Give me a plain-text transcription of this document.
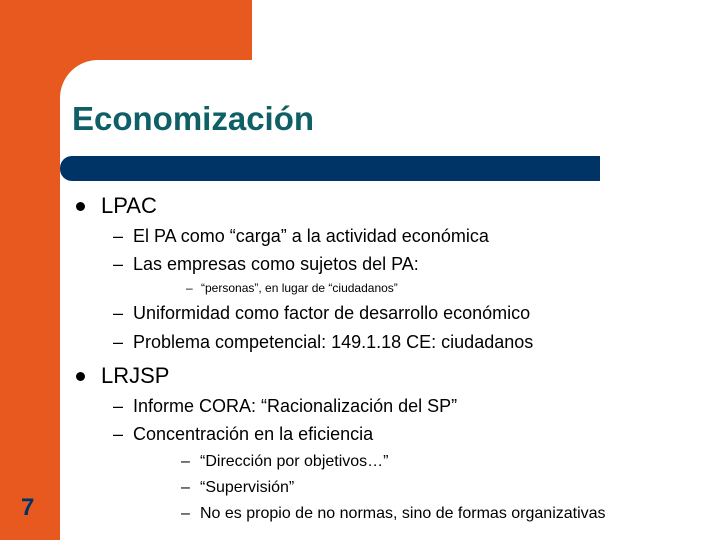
Economización
LPAC
– El PA como “carga” a la actividad económica
– Las empresas como sujetos del PA:
– “personas”, en lugar de “ciudadanos”
– Uniformidad como factor de desarrollo económico
– Problema competencial: 149.1.18 CE: ciudadanos
LRJSP
– Informe CORA: “Racionalización del SP”
– Concentración en la eficiencia
– “Dirección por objetivos…”
– “Supervisión”
– No es propio de no normas, sino de formas organizativas
7
